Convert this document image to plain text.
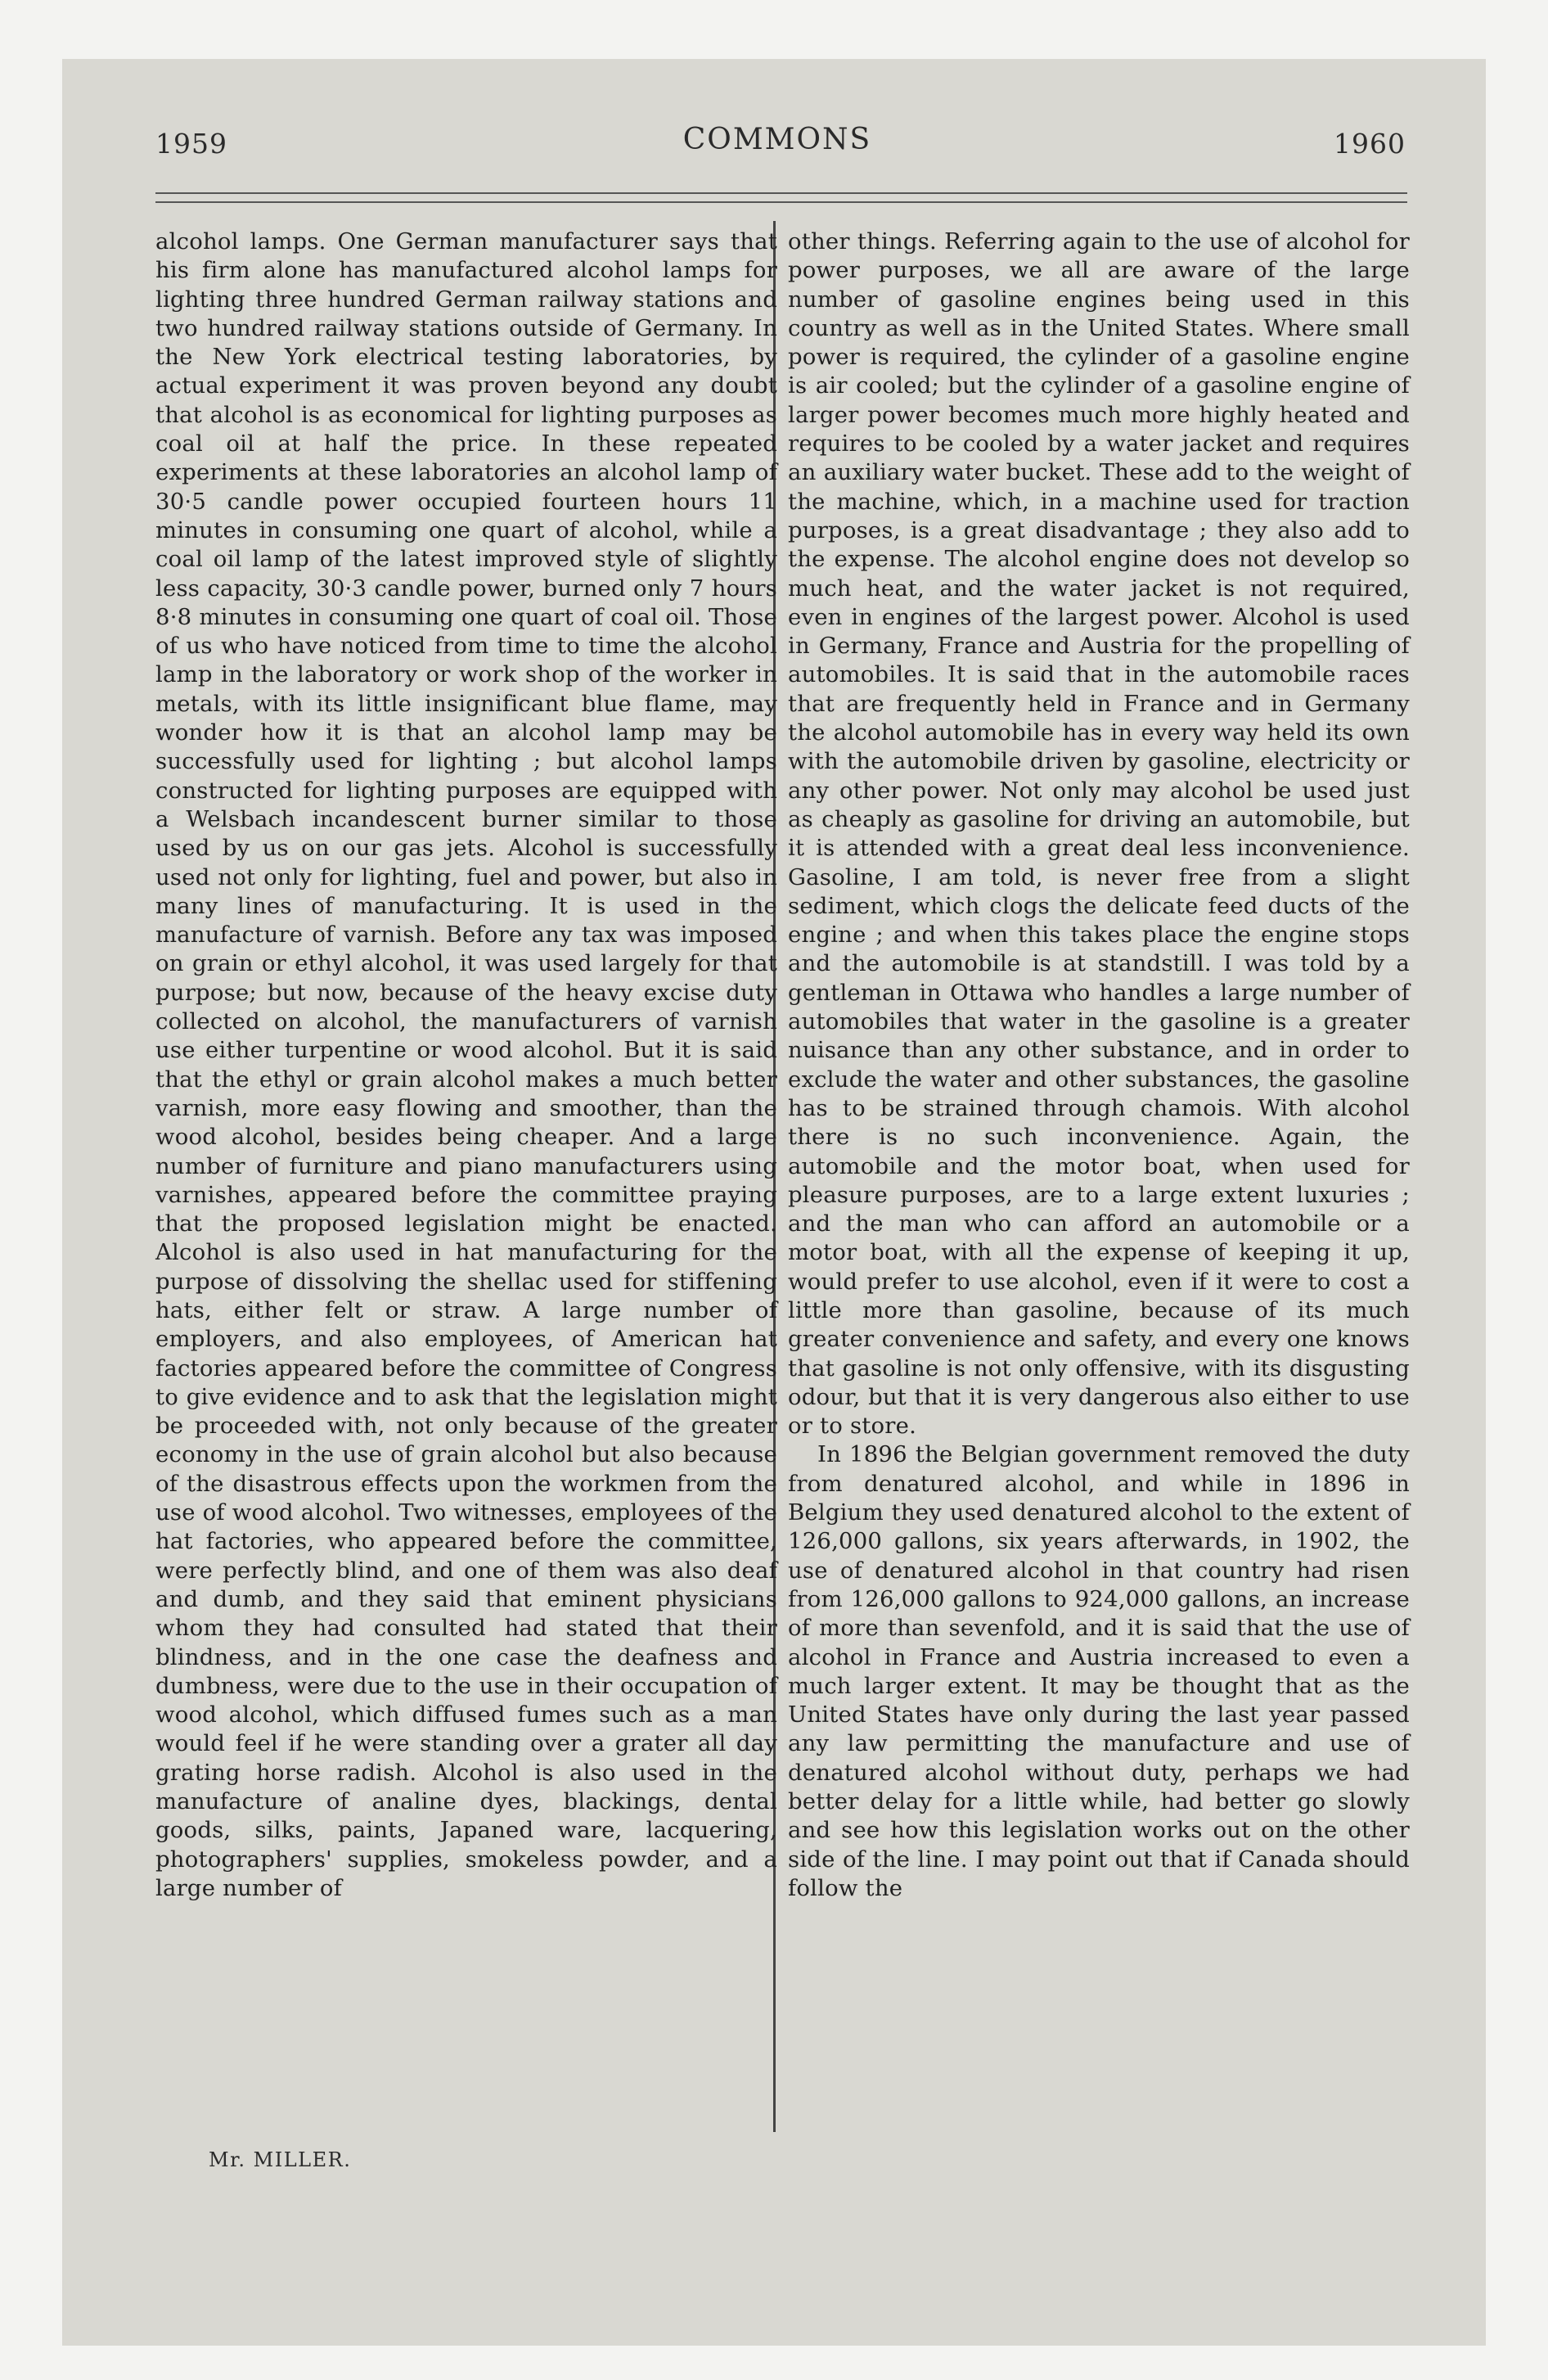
1959	COMMONS	1960

alcohol lamps. One German manufacturer says that his firm alone has manufactured alcohol lamps for lighting three hundred German railway stations and two hundred railway stations outside of Germany. In the New York electrical testing laboratories, by actual experiment it was proven beyond any doubt that alcohol is as economical for lighting purposes as coal oil at half the price. In these repeated experiments at these laboratories an alcohol lamp of 30·5 candle power occupied fourteen hours 11 minutes in consuming one quart of alcohol, while a coal oil lamp of the latest improved style of slightly less capacity, 30·3 candle power, burned only 7 hours 8·8 minutes in consuming one quart of coal oil. Those of us who have noticed from time to time the alcohol lamp in the laboratory or work shop of the worker in metals, with its little insignificant blue flame, may wonder how it is that an alcohol lamp may be successfully used for lighting ; but alcohol lamps constructed for lighting purposes are equipped with a Welsbach incandescent burner similar to those used by us on our gas jets. Alcohol is successfully used not only for lighting, fuel and power, but also in many lines of manufacturing. It is used in the manufacture of varnish. Before any tax was imposed on grain or ethyl alcohol, it was used largely for that purpose; but now, because of the heavy excise duty collected on alcohol, the manufacturers of varnish use either turpentine or wood alcohol. But it is said that the ethyl or grain alcohol makes a much better varnish, more easy flowing and smoother, than the wood alcohol, besides being cheaper. And a large number of furniture and piano manufacturers using varnishes, appeared before the committee praying that the proposed legislation might be enacted. Alcohol is also used in hat manufacturing for the purpose of dissolving the shellac used for stiffening hats, either felt or straw. A large number of employers, and also employees, of American hat factories appeared before the committee of Congress to give evidence and to ask that the legislation might be proceeded with, not only because of the greater economy in the use of grain alcohol but also because of the disastrous effects upon the workmen from the use of wood alcohol. Two witnesses, employees of the hat factories, who appeared before the committee, were perfectly blind, and one of them was also deaf and dumb, and they said that eminent physicians whom they had consulted had stated that their blindness, and in the one case the deafness and dumbness, were due to the use in their occupation of wood alcohol, which diffused fumes such as a man would feel if he were standing over a grater all day grating horse radish. Alcohol is also used in the manufacture of analine dyes, blackings, dental goods, silks, paints, Japaned ware, lacquering, photographers' supplies, smokeless powder, and a large number of

other things. Referring again to the use of alcohol for power purposes, we all are aware of the large number of gasoline engines being used in this country as well as in the United States. Where small power is required, the cylinder of a gasoline engine is air cooled; but the cylinder of a gasoline engine of larger power becomes much more highly heated and requires to be cooled by a water jacket and requires an auxiliary water bucket. These add to the weight of the machine, which, in a machine used for traction purposes, is a great disadvantage ; they also add to the expense. The alcohol engine does not develop so much heat, and the water jacket is not required, even in engines of the largest power. Alcohol is used in Germany, France and Austria for the propelling of automobiles. It is said that in the automobile races that are frequently held in France and in Germany the alcohol automobile has in every way held its own with the automobile driven by gasoline, electricity or any other power. Not only may alcohol be used just as cheaply as gasoline for driving an automobile, but it is attended with a great deal less inconvenience. Gasoline, I am told, is never free from a slight sediment, which clogs the delicate feed ducts of the engine ; and when this takes place the engine stops and the automobile is at standstill. I was told by a gentleman in Ottawa who handles a large number of automobiles that water in the gasoline is a greater nuisance than any other substance, and in order to exclude the water and other substances, the gasoline has to be strained through chamois. With alcohol there is no such inconvenience. Again, the automobile and the motor boat, when used for pleasure purposes, are to a large extent luxuries ; and the man who can afford an automobile or a motor boat, with all the expense of keeping it up, would prefer to use alcohol, even if it were to cost a little more than gasoline, because of its much greater convenience and safety, and every one knows that gasoline is not only offensive, with its disgusting odour, but that it is very dangerous also either to use or to store.

In 1896 the Belgian government removed the duty from denatured alcohol, and while in 1896 in Belgium they used denatured alcohol to the extent of 126,000 gallons, six years afterwards, in 1902, the use of denatured alcohol in that country had risen from 126,000 gallons to 924,000 gallons, an increase of more than sevenfold, and it is said that the use of alcohol in France and Austria increased to even a much larger extent. It may be thought that as the United States have only during the last year passed any law permitting the manufacture and use of denatured alcohol without duty, perhaps we had better delay for a little while, had better go slowly and see how this legislation works out on the other side of the line. I may point out that if Canada should follow the

Mr. MILLER.
